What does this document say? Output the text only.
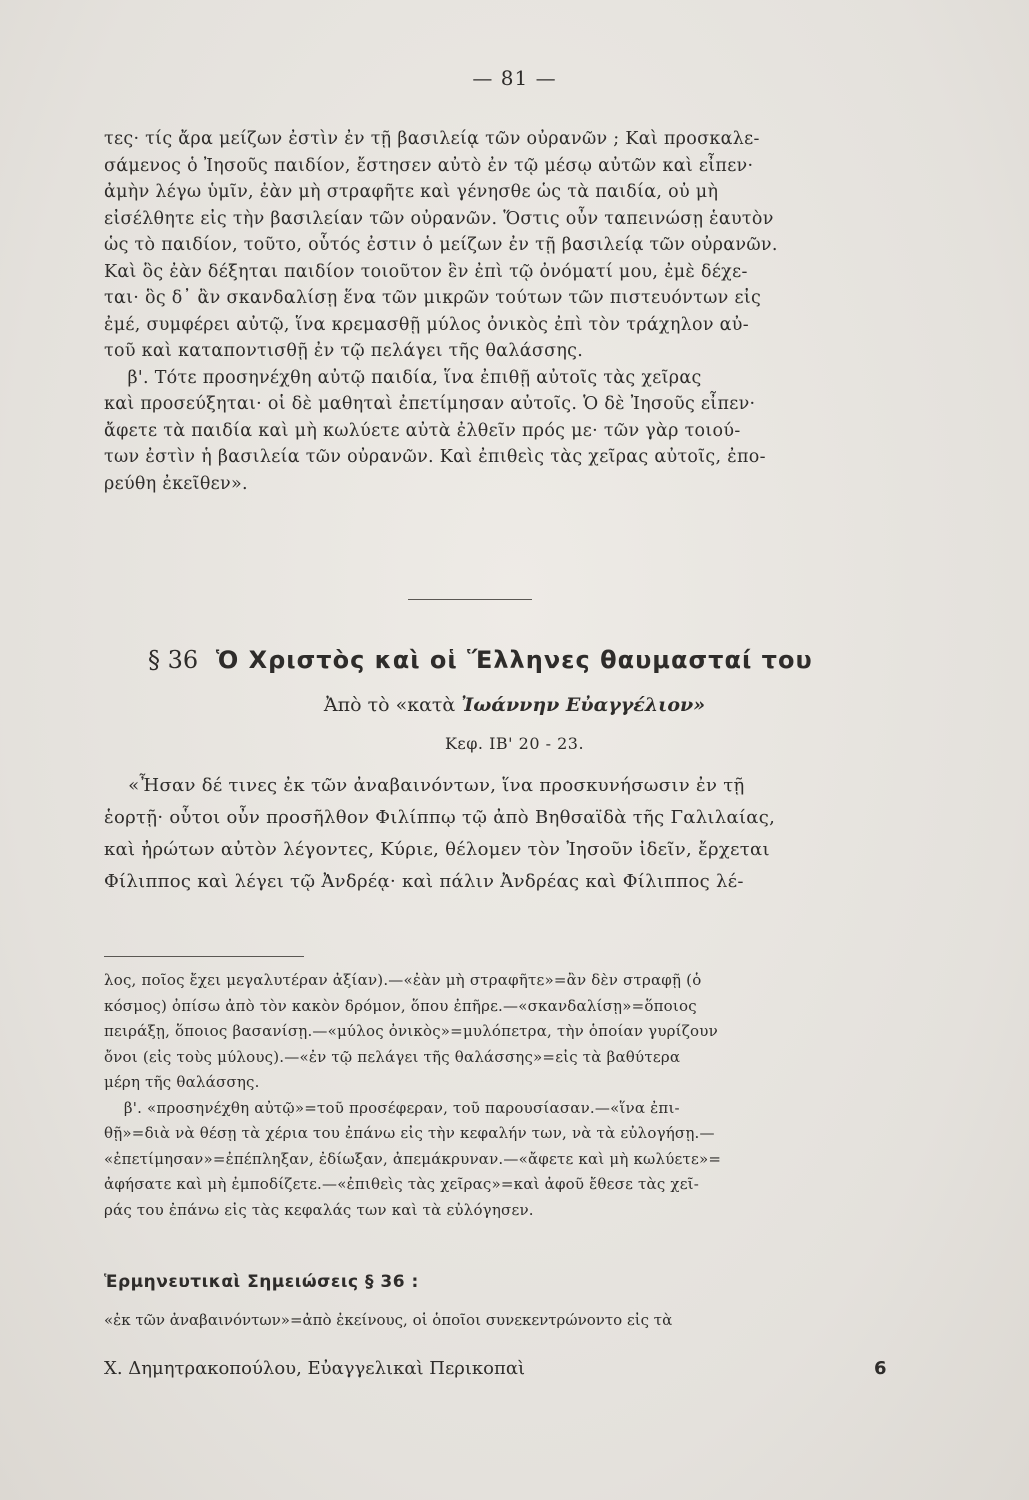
— 81 —
τες· τίς ἄρα μείζων ἐστὶν ἐν τῇ βασιλείᾳ τῶν οὐρανῶν ; Καὶ προσκαλε-
σάμενος ὁ Ἰησοῦς παιδίον, ἔστησεν αὐτὸ ἐν τῷ μέσῳ αὐτῶν καὶ εἶπεν·
ἀμὴν λέγω ὑμῖν, ἐὰν μὴ στραφῆτε καὶ γένησθε ὡς τὰ παιδία, οὐ μὴ
εἰσέλθητε εἰς τὴν βασιλείαν τῶν οὐρανῶν. Ὅστις οὖν ταπεινώσῃ ἑαυτὸν
ὡς τὸ παιδίον, τοῦτο, οὗτός ἐστιν ὁ μείζων ἐν τῇ βασιλείᾳ τῶν οὐρανῶν.
Καὶ ὃς ἐὰν δέξηται παιδίον τοιοῦτον ἓν ἐπὶ τῷ ὀνόματί μου, ἐμὲ δέχε-
ται· ὃς δ᾽ ἂν σκανδαλίσῃ ἕνα τῶν μικρῶν τούτων τῶν πιστευόντων εἰς
ἐμέ, συμφέρει αὐτῷ, ἵνα κρεμασθῇ μύλος ὀνικὸς ἐπὶ τὸν τράχηλον αὐ-
τοῦ καὶ καταποντισθῇ ἐν τῷ πελάγει τῆς θαλάσσης.
β'. Τότε προσηνέχθη αὐτῷ παιδία, ἵνα ἐπιθῇ αὐτοῖς τὰς χεῖρας
καὶ προσεύξηται· οἱ δὲ μαθηταὶ ἐπετίμησαν αὐτοῖς. Ὁ δὲ Ἰησοῦς εἶπεν·
ἄφετε τὰ παιδία καὶ μὴ κωλύετε αὐτὰ ἐλθεῖν πρός με· τῶν γὰρ τοιού-
των ἐστὶν ἡ βασιλεία τῶν οὐρανῶν. Καὶ ἐπιθεὶς τὰς χεῖρας αὐτοῖς, ἐπο-
ρεύθη ἐκεῖθεν».
§ 36 Ὁ Χριστὸς καὶ οἱ Ἕλληνες θαυμασταί του
Ἀπὸ τὸ «κατὰ Ἰωάννην Εὐαγγέλιον»
Κεφ. ΙΒ' 20 - 23.
«Ἦσαν δέ τινες ἐκ τῶν ἀναβαινόντων, ἵνα προσκυνήσωσιν ἐν τῇ
ἑορτῇ· οὗτοι οὖν προσῆλθον Φιλίππῳ τῷ ἀπὸ Βηθσαϊδὰ τῆς Γαλιλαίας,
καὶ ἠρώτων αὐτὸν λέγοντες, Κύριε, θέλομεν τὸν Ἰησοῦν ἰδεῖν, ἔρχεται
Φίλιππος καὶ λέγει τῷ Ἀνδρέᾳ· καὶ πάλιν Ἀνδρέας καὶ Φίλιππος λέ-
λος, ποῖος ἔχει μεγαλυτέραν ἀξίαν).—«ἐὰν μὴ στραφῆτε»=ἂν δὲν στραφῇ (ὁ
κόσμος) ὀπίσω ἀπὸ τὸν κακὸν δρόμον, ὅπου ἐπῆρε.—«σκανδαλίσῃ»=ὅποιος
πειράξῃ, ὅποιος βασανίσῃ.—«μύλος ὀνικὸς»=μυλόπετρα, τὴν ὁποίαν γυρίζουν
ὄνοι (εἰς τοὺς μύλους).—«ἐν τῷ πελάγει τῆς θαλάσσης»=εἰς τὰ βαθύτερα
μέρη τῆς θαλάσσης.
β'. «προσηνέχθη αὐτῷ»=τοῦ προσέφεραν, τοῦ παρουσίασαν.—«ἵνα ἐπι-
θῇ»=διὰ νὰ θέσῃ τὰ χέρια του ἐπάνω εἰς τὴν κεφαλήν των, νὰ τὰ εὐλογήσῃ.—
«ἐπετίμησαν»=ἐπέπληξαν, ἐδίωξαν, ἀπεμάκρυναν.—«ἄφετε καὶ μὴ κωλύετε»=
ἀφήσατε καὶ μὴ ἐμποδίζετε.—«ἐπιθεὶς τὰς χεῖρας»=καὶ ἀφοῦ ἔθεσε τὰς χεῖ-
ράς του ἐπάνω εἰς τὰς κεφαλάς των καὶ τὰ εὐλόγησεν.
Ἑρμηνευτικαὶ Σημειώσεις § 36 :
«ἐκ τῶν ἀναβαινόντων»=ἀπὸ ἐκείνους, οἱ ὁποῖοι συνεκεντρώνοντο εἰς τὰ
Χ. Δημητρακοπούλου, Εὐαγγελικαὶ Περικοπαὶ	6
